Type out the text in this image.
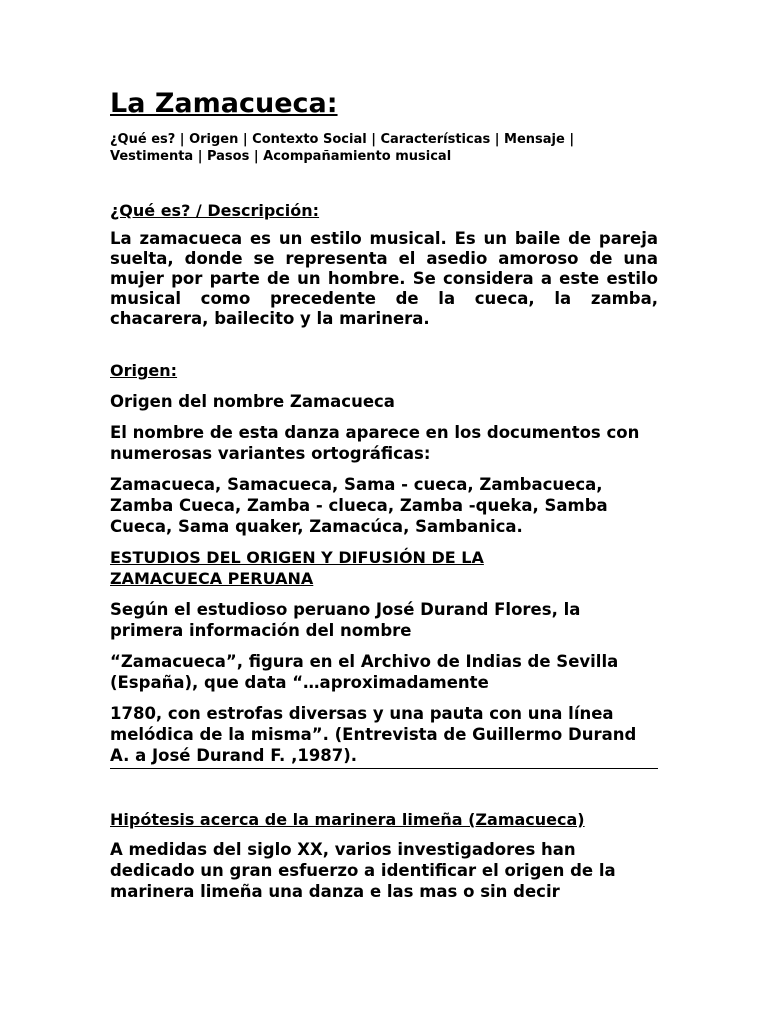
La Zamacueca:
¿Qué es? | Origen | Contexto Social | Características | Mensaje |
Vestimenta | Pasos | Acompañamiento musical
¿Qué es? / Descripción:
La zamacueca es un estilo musical. Es un baile de pareja suelta, donde se representa el asedio amoroso de una mujer por parte de un hombre. Se considera a este estilo musical como precedente de la cueca, la zamba, chacarera, bailecito y la marinera.
Origen:
Origen del nombre Zamacueca
El nombre de esta danza aparece en los documentos con numerosas variantes ortográficas:
Zamacueca, Samacueca, Sama - cueca, Zambacueca, Zamba Cueca, Zamba - clueca, Zamba -queka, Samba Cueca, Sama quaker, Zamacúca, Sambanica.
ESTUDIOS DEL ORIGEN Y DIFUSIÓN DE LA
ZAMACUECA PERUANA
Según el estudioso peruano José Durand Flores, la primera información del nombre
“Zamacueca”, figura en el Archivo de Indias de Sevilla (España), que data “…aproximadamente
1780, con estrofas diversas y una pauta con una línea melódica de la misma”. (Entrevista de Guillermo Durand A. a José Durand F. ,1987).
Hipótesis acerca de la marinera limeña (Zamacueca)
A medidas del siglo XX, varios investigadores han dedicado un gran esfuerzo a identificar el origen de la marinera limeña una danza e las mas o sin decir
